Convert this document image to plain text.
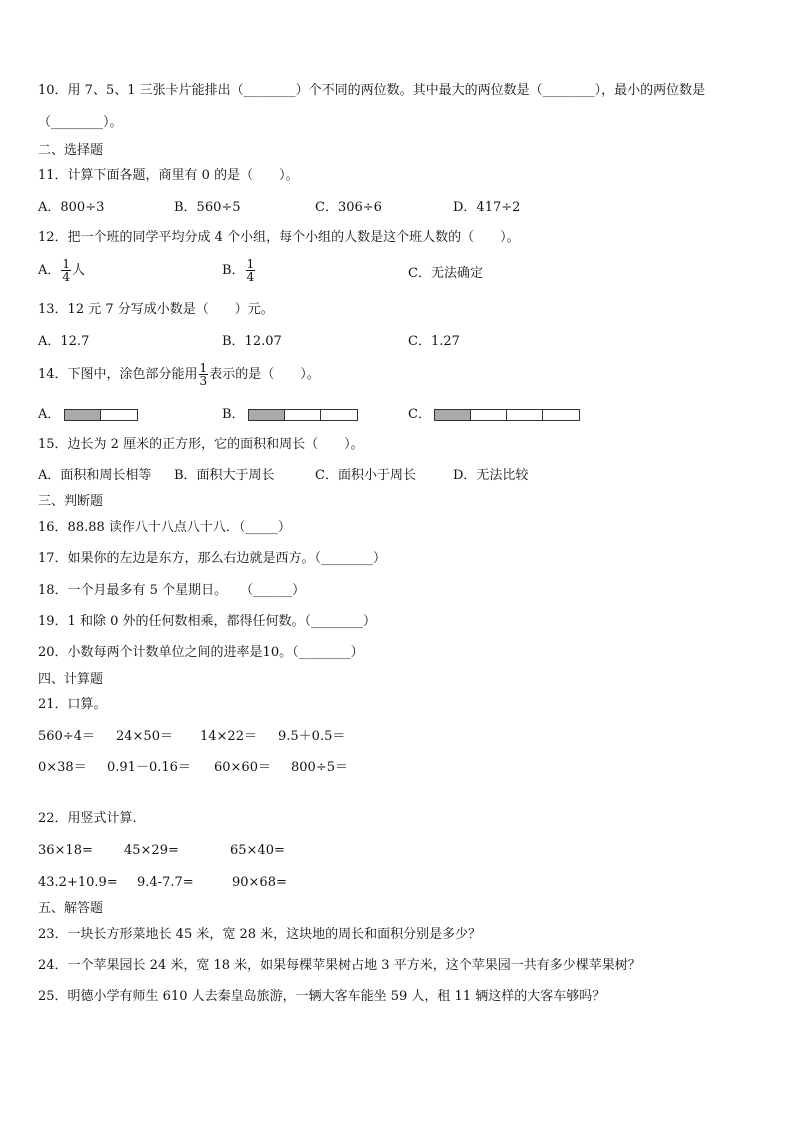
10．用 7、5、1 三张卡片能排出（________）个不同的两位数。其中最大的两位数是（________），最小的两位数是
（________）。
二、选择题
11．计算下面各题，商里有 0 的是（　　）。
A．800÷3	B．560÷5	C．306÷6	D．417÷2
12．把一个班的同学平均分成 4 个小组，每个小组的人数是这个班人数的（　　）。
A． $\frac{1}{4}$ 人	B． $\frac{1}{4}$	C．无法确定
13．12 元 7 分写成小数是（　　）元。
A．12.7	B．12.07	C．1.27
14．下图中，涂色部分能用 $\frac{1}{3}$ 表示的是（　　）。
A．	B．	C．
15．边长为 2 厘米的正方形，它的面积和周长（　　）。
A．面积和周长相等 B．面积大于周长	C．面积小于周长	D．无法比较
三、判断题
16．88.88 读作八十八点八十八．（_____）
17．如果你的左边是东方，那么右边就是西方。（________）
18．一个月最多有 5 个星期日。　　（______）
19．1 和除 0 外的任何数相乘，都得任何数。（________）
20．小数每两个计数单位之间的进率是10。（________）
四、计算题
21．口算。
560÷4＝ 24×50＝ 14×22＝ 9.5＋0.5＝
0×38＝ 0.91－0.16＝ 60×60＝ 800÷5＝
22．用竖式计算.
36×18= 45×29=	65×40=
43.2+10.9= 9.4-7.7=	90×68=
五、解答题
23．一块长方形菜地长 45 米，宽 28 米，这块地的周长和面积分别是多少？
24．一个苹果园长 24 米，宽 18 米，如果每棵苹果树占地 3 平方米，这个苹果园一共有多少棵苹果树？
25．明德小学有师生 610 人去秦皇岛旅游，一辆大客车能坐 59 人，租 11 辆这样的大客车够吗？
